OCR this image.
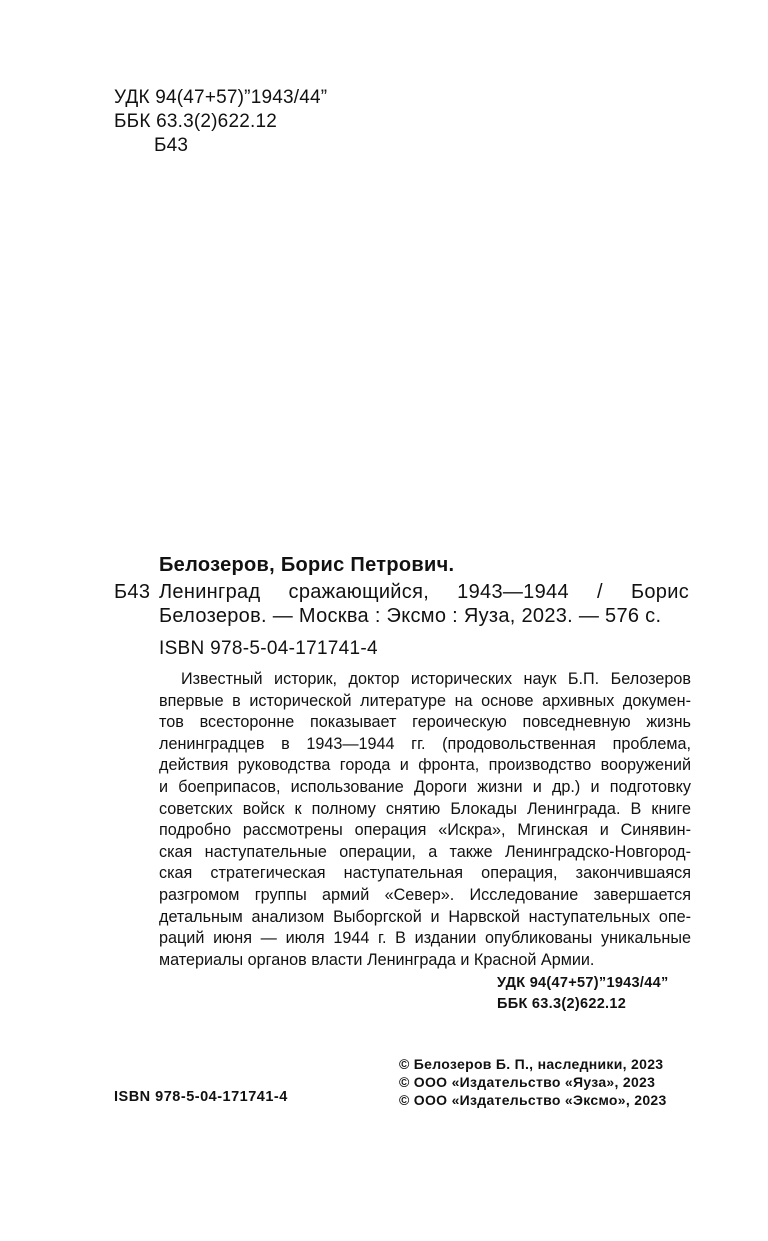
УДК 94(47+57)”1943/44”
ББК 63.3(2)622.12
Б43
Белозеров, Борис Петрович.
Б43 Ленинград сражающийся, 1943—1944 / Борис
Белозеров. — Москва : Эксмо : Яуза, 2023. — 576 с.
ISBN 978-5-04-171741-4
Известный историк, доктор исторических наук Б.П. Белозеров
впервые в исторической литературе на основе архивных докумен-
тов всесторонне показывает героическую повседневную жизнь
ленинградцев в 1943—1944 гг. (продовольственная проблема,
действия руководства города и фронта, производство вооружений
и боеприпасов, использование Дороги жизни и др.) и подготовку
советских войск к полному снятию Блокады Ленинграда. В книге
подробно рассмотрены операция «Искра», Мгинская и Синявин-
ская наступательные операции, а также Ленинградско-Новгород-
ская стратегическая наступательная операция, закончившаяся
разгромом группы армий «Север». Исследование завершается
детальным анализом Выборгской и Нарвской наступательных опе-
раций июня — июля 1944 г. В издании опубликованы уникальные
материалы органов власти Ленинграда и Красной Армии.
УДК 94(47+57)”1943/44”
ББК 63.3(2)622.12
© Белозеров Б. П., наследники, 2023
© ООО «Издательство «Яуза», 2023
© ООО «Издательство «Эксмо», 2023
ISBN 978-5-04-171741-4
